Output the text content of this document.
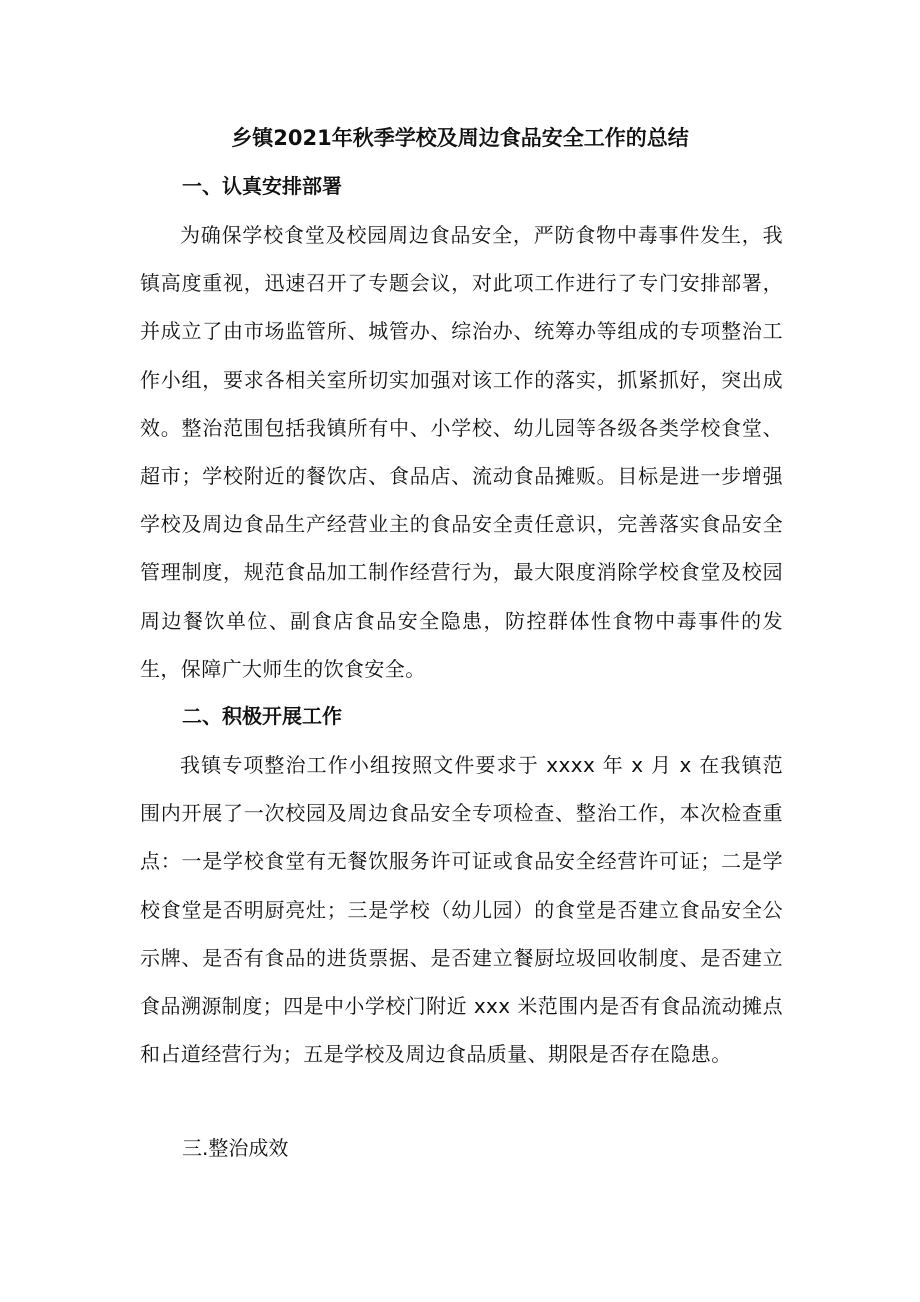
乡镇2021年秋季学校及周边食品安全工作的总结
一、认真安排部署

为确保学校食堂及校园周边食品安全，严防食物中毒事件发生，我镇高度重视，迅速召开了专题会议，对此项工作进行了专门安排部署，并成立了由市场监管所、城管办、综治办、统筹办等组成的专项整治工作小组，要求各相关室所切实加强对该工作的落实，抓紧抓好，突出成效。整治范围包括我镇所有中、小学校、幼儿园等各级各类学校食堂、超市；学校附近的餐饮店、食品店、流动食品摊贩。目标是进一步增强学校及周边食品生产经营业主的食品安全责任意识，完善落实食品安全管理制度，规范食品加工制作经营行为，最大限度消除学校食堂及校园周边餐饮单位、副食店食品安全隐患，防控群体性食物中毒事件的发生，保障广大师生的饮食安全。

二、积极开展工作

我镇专项整治工作小组按照文件要求于 xxxx 年 x 月 x 在我镇范围内开展了一次校园及周边食品安全专项检查、整治工作，本次检查重点：一是学校食堂有无餐饮服务许可证或食品安全经营许可证；二是学校食堂是否明厨亮灶；三是学校（幼儿园）的食堂是否建立食品安全公示牌、是否有食品的进货票据、是否建立餐厨垃圾回收制度、是否建立食品溯源制度；四是中小学校门附近 xxx 米范围内是否有食品流动摊点和占道经营行为；五是学校及周边食品质量、期限是否存在隐患。

三.整治成效
